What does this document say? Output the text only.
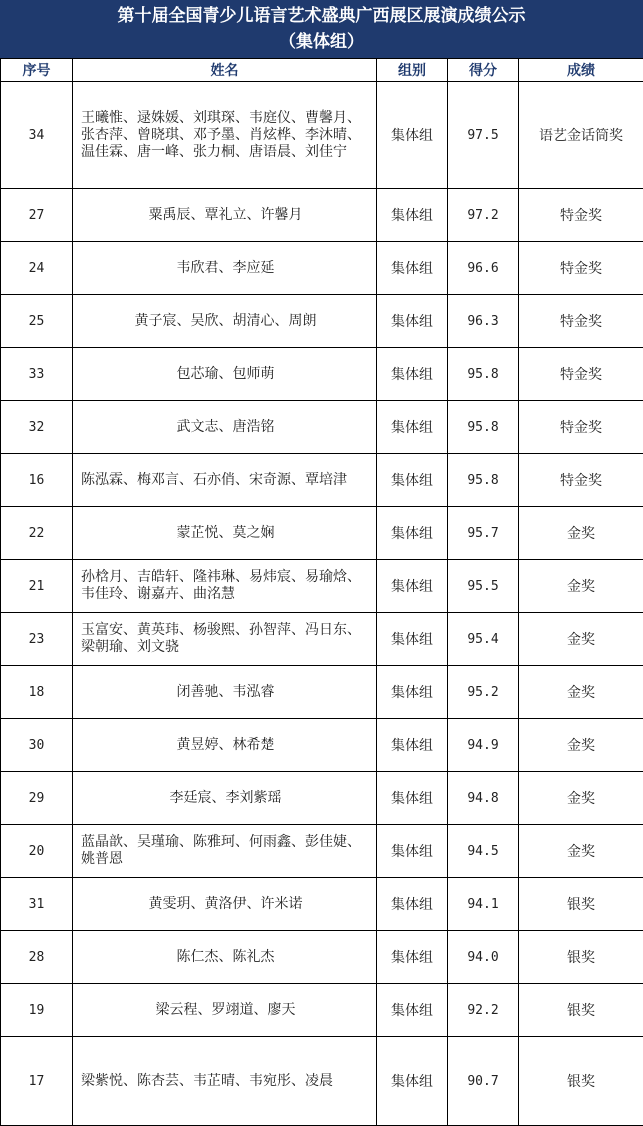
第十届全国青少儿语言艺术盛典广西展区展演成绩公示
（集体组）
序号	姓名	组别	得分	成绩
34	王曦惟、逯姝媛、刘琪琛、韦庭仪、曹馨月、张杏萍、曾晓琪、邓予墨、肖炫桦、李沐晴、温佳霖、唐一峰、张力桐、唐语晨、刘佳宁	集体组	97.5	语艺金话筒奖
27	粟禹辰、覃礼立、许馨月	集体组	97.2	特金奖
24	韦欣君、李应延	集体组	96.6	特金奖
25	黄子宸、吴欣、胡清心、周朗	集体组	96.3	特金奖
33	包芯瑜、包师萌	集体组	95.8	特金奖
32	武文志、唐浩铭	集体组	95.8	特金奖
16	陈泓霖、梅邓言、石亦俏、宋奇源、覃培津	集体组	95.8	特金奖
22	蒙芷悦、莫之娴	集体组	95.7	金奖
21	孙梒月、吉皓轩、隆祎琳、易炜宸、易瑜焓、韦佳玲、谢嘉卉、曲洺慧	集体组	95.5	金奖
23	玉富安、黄英玮、杨骏熙、孙智萍、冯日东、梁朝瑜、刘文骁	集体组	95.4	金奖
18	闭善驰、韦泓睿	集体组	95.2	金奖
30	黄昱婷、林希楚	集体组	94.9	金奖
29	李廷宸、李刘紫瑶	集体组	94.8	金奖
20	蓝晶歆、吴瑾瑜、陈雅珂、何雨鑫、彭佳婕、姚普恩	集体组	94.5	金奖
31	黄雯玥、黄洛伊、许米诺	集体组	94.1	银奖
28	陈仁杰、陈礼杰	集体组	94.0	银奖
19	梁云程、罗翊道、廖天	集体组	92.2	银奖
17	梁紫悦、陈杏芸、韦芷晴、韦宛彤、凌晨	集体组	90.7	银奖
